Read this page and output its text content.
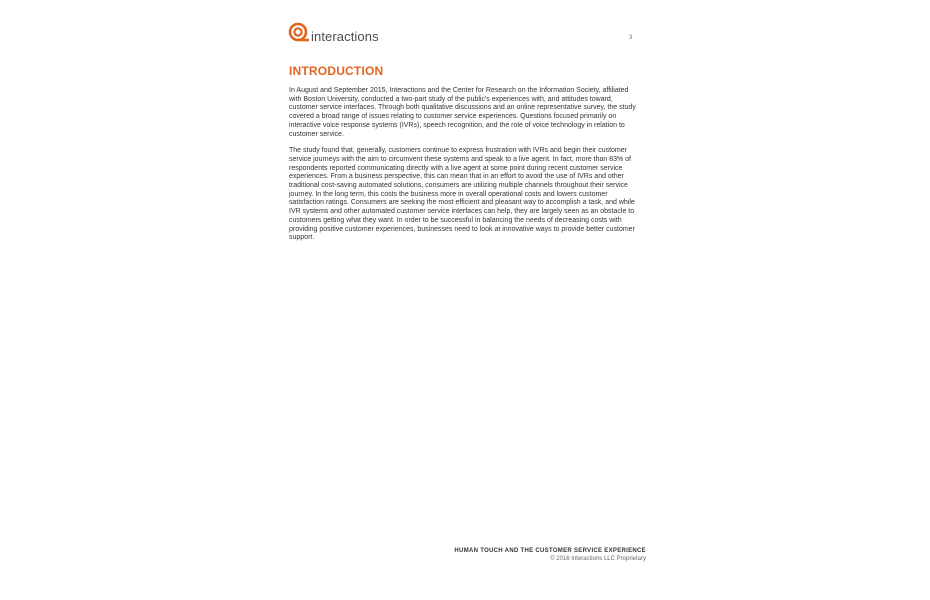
interactions	3
INTRODUCTION

In August and September 2015, Interactions and the Center for Research on the Information Society, affiliated with Boston University, conducted a two-part study of the public's experiences with, and attitudes toward, customer service interfaces. Through both qualitative discussions and an online representative survey, the study covered a broad range of issues relating to customer service experiences. Questions focused primarily on interactive voice response systems (IVRs), speech recognition, and the role of voice technology in relation to customer service.

The study found that, generally, customers continue to express frustration with IVRs and begin their customer service journeys with the aim to circumvent these systems and speak to a live agent. In fact, more than 83% of respondents reported communicating directly with a live agent at some point during recent customer service experiences. From a business perspective, this can mean that in an effort to avoid the use of IVRs and other traditional cost-saving automated solutions, consumers are utilizing multiple channels throughout their service journey. In the long term, this costs the business more in overall operational costs and lowers customer satisfaction ratings. Consumers are seeking the most efficient and pleasant way to accomplish a task, and while IVR systems and other automated customer service interfaces can help, they are largely seen as an obstacle to customers getting what they want. In order to be successful in balancing the needs of decreasing costs with providing positive customer experiences, businesses need to look at innovative ways to provide better customer support.

HUMAN TOUCH AND THE CUSTOMER SERVICE EXPERIENCE
© 2016 Interactions LLC Proprietary
